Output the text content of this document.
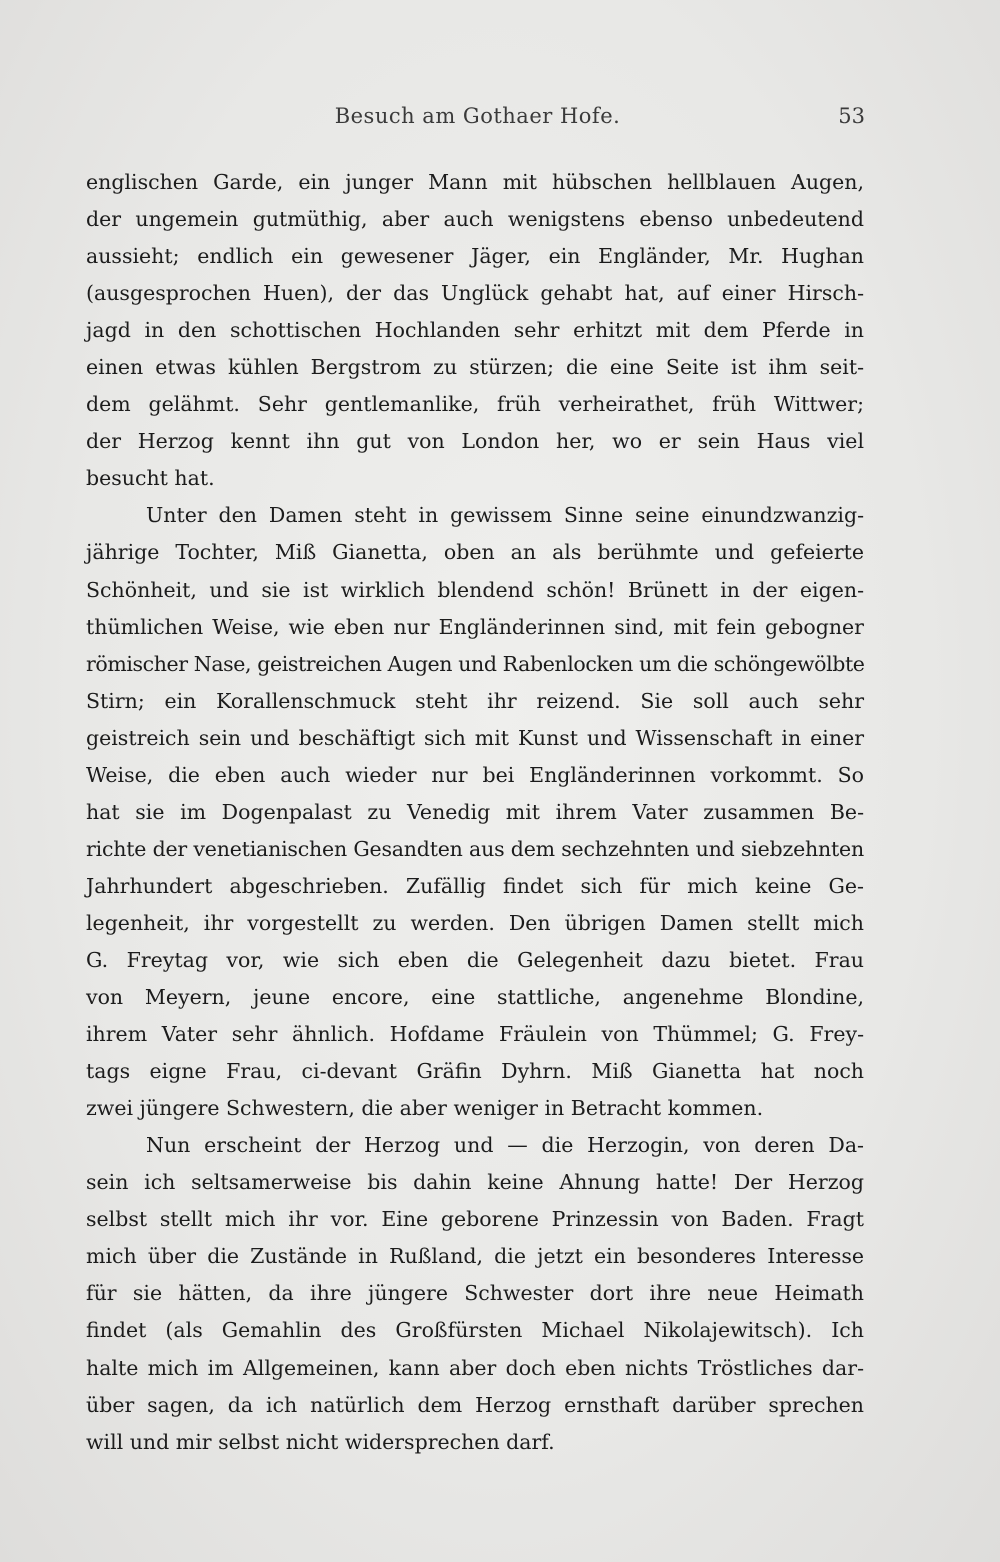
Besuch am Gothaer Hofe.	53
englischen Garde, ein junger Mann mit hübschen hellblauen Augen,
der ungemein gutmüthig, aber auch wenigstens ebenso unbedeutend
aussieht; endlich ein gewesener Jäger, ein Engländer, Mr. Hughan
(ausgesprochen Huen), der das Unglück gehabt hat, auf einer Hirsch-
jagd in den schottischen Hochlanden sehr erhitzt mit dem Pferde in
einen etwas kühlen Bergstrom zu stürzen; die eine Seite ist ihm seit-
dem gelähmt. Sehr gentlemanlike, früh verheirathet, früh Wittwer;
der Herzog kennt ihn gut von London her, wo er sein Haus viel
besucht hat.
Unter den Damen steht in gewissem Sinne seine einundzwanzig-
jährige Tochter, Miß Gianetta, oben an als berühmte und gefeierte
Schönheit, und sie ist wirklich blendend schön! Brünett in der eigen-
thümlichen Weise, wie eben nur Engländerinnen sind, mit fein gebogner
römischer Nase, geistreichen Augen und Rabenlocken um die schöngewölbte
Stirn; ein Korallenschmuck steht ihr reizend. Sie soll auch sehr
geistreich sein und beschäftigt sich mit Kunst und Wissenschaft in einer
Weise, die eben auch wieder nur bei Engländerinnen vorkommt. So
hat sie im Dogenpalast zu Venedig mit ihrem Vater zusammen Be-
richte der venetianischen Gesandten aus dem sechzehnten und siebzehnten
Jahrhundert abgeschrieben. Zufällig findet sich für mich keine Ge-
legenheit, ihr vorgestellt zu werden. Den übrigen Damen stellt mich
G. Freytag vor, wie sich eben die Gelegenheit dazu bietet. Frau
von Meyern, jeune encore, eine stattliche, angenehme Blondine,
ihrem Vater sehr ähnlich. Hofdame Fräulein von Thümmel; G. Frey-
tags eigne Frau, ci-devant Gräfin Dyhrn. Miß Gianetta hat noch
zwei jüngere Schwestern, die aber weniger in Betracht kommen.
Nun erscheint der Herzog und — die Herzogin, von deren Da-
sein ich seltsamerweise bis dahin keine Ahnung hatte! Der Herzog
selbst stellt mich ihr vor. Eine geborene Prinzessin von Baden. Fragt
mich über die Zustände in Rußland, die jetzt ein besonderes Interesse
für sie hätten, da ihre jüngere Schwester dort ihre neue Heimath
findet (als Gemahlin des Großfürsten Michael Nikolajewitsch). Ich
halte mich im Allgemeinen, kann aber doch eben nichts Tröstliches dar-
über sagen, da ich natürlich dem Herzog ernsthaft darüber sprechen
will und mir selbst nicht widersprechen darf.
